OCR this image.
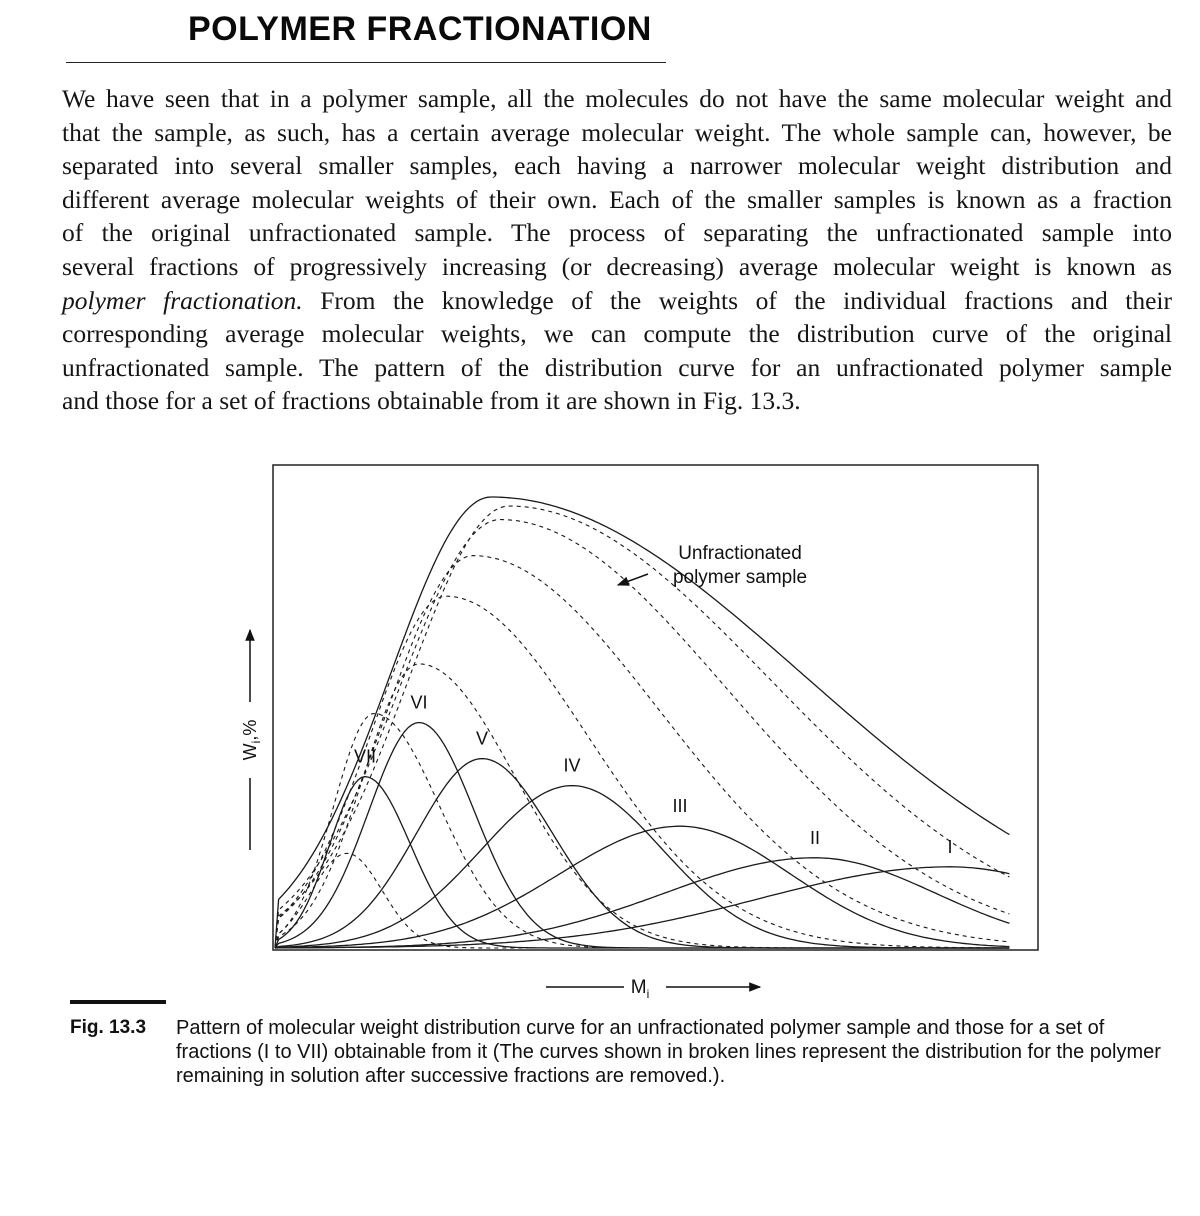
POLYMER FRACTIONATION
We have seen that in a polymer sample, all the molecules do not have the same molecular weight and
that the sample, as such, has a certain average molecular weight. The whole sample can, however, be
separated into several smaller samples, each having a narrower molecular weight distribution and
different average molecular weights of their own. Each of the smaller samples is known as a fraction
of the original unfractionated sample. The process of separating the unfractionated sample into
several fractions of progressively increasing (or decreasing) average molecular weight is known as
polymer fractionation. From the knowledge of the weights of the individual fractions and their
corresponding average molecular weights, we can compute the distribution curve of the original
unfractionated sample. The pattern of the distribution curve for an unfractionated polymer sample
and those for a set of fractions obtainable from it are shown in Fig. 13.3.
I
II
III
IV
V
VI
VII
Unfractionated
polymer sample
$W_i,\%$
$M_i$
Fig. 13.3 Pattern of molecular weight distribution curve for an unfractionated polymer sample and those for a set of fractions (I to VII) obtainable from it (The curves shown in broken lines represent the distribution for the polymer remaining in solution after successive fractions are removed.).
